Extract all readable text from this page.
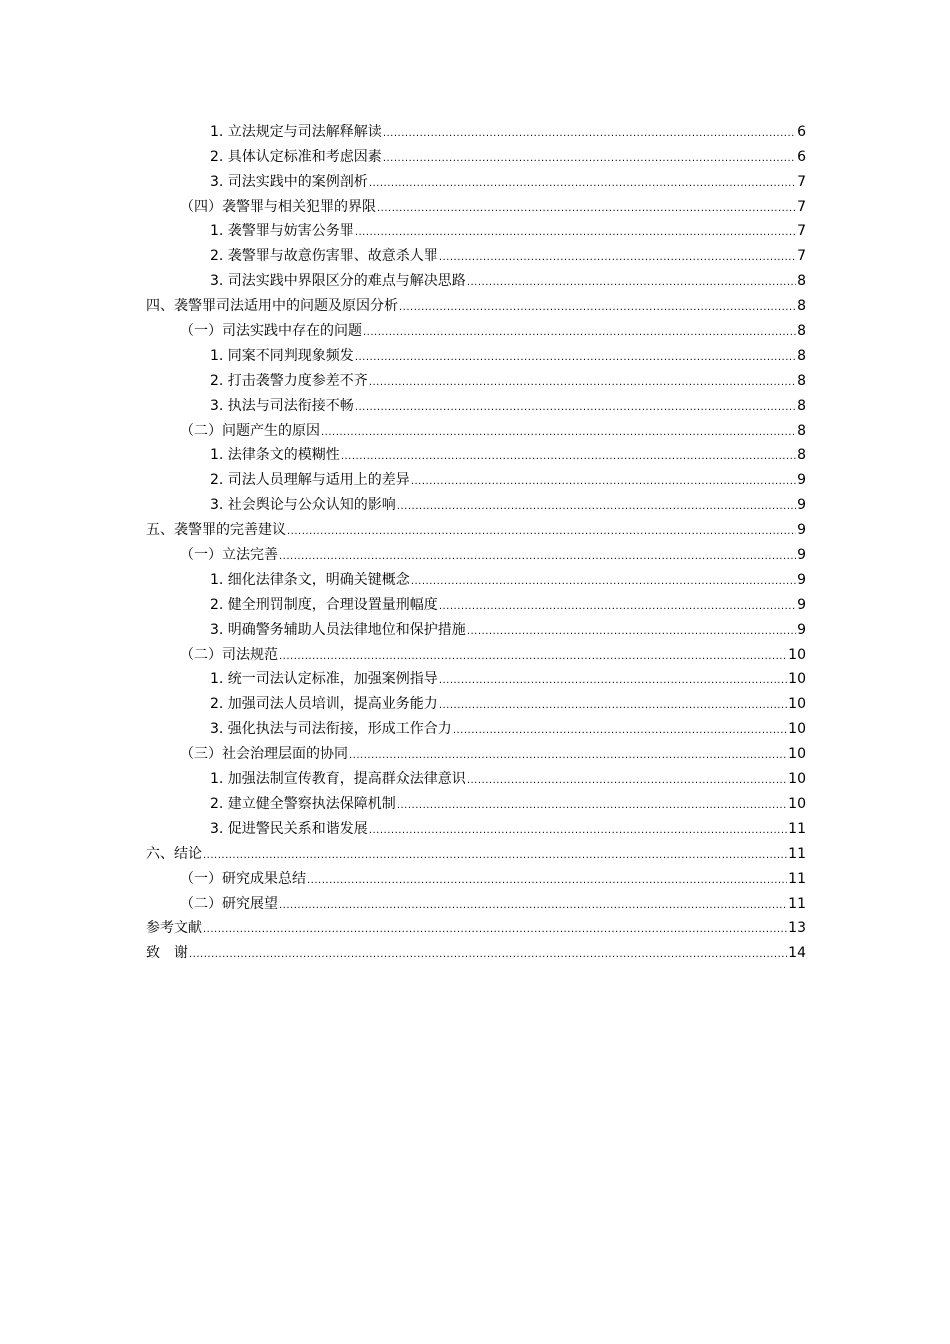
1. 立法规定与司法解释解读 .....	6
2. 具体认定标准和考虑因素 .....	6
3. 司法实践中的案例剖析 .....	7
（四）袭警罪与相关犯罪的界限 .....	7
1. 袭警罪与妨害公务罪 .....	7
2. 袭警罪与故意伤害罪、故意杀人罪 .....	7
3. 司法实践中界限区分的难点与解决思路 .....	8
四、袭警罪司法适用中的问题及原因分析 .....	8
（一）司法实践中存在的问题 .....	8
1. 同案不同判现象频发 .....	8
2. 打击袭警力度参差不齐 .....	8
3. 执法与司法衔接不畅 .....	8
（二）问题产生的原因 .....	8
1. 法律条文的模糊性 .....	8
2. 司法人员理解与适用上的差异 .....	9
3. 社会舆论与公众认知的影响 .....	9
五、袭警罪的完善建议 .....	9
（一）立法完善 .....	9
1. 细化法律条文，明确关键概念 .....	9
2. 健全刑罚制度，合理设置量刑幅度 .....	9
3. 明确警务辅助人员法律地位和保护措施 .....	9
（二）司法规范 .....	10
1. 统一司法认定标准，加强案例指导 .....	10
2. 加强司法人员培训，提高业务能力 .....	10
3. 强化执法与司法衔接，形成工作合力 .....	10
（三）社会治理层面的协同 .....	10
1. 加强法制宣传教育，提高群众法律意识 .....	10
2. 建立健全警察执法保障机制 .....	10
3. 促进警民关系和谐发展 .....	11
六、结论 .....	11
（一）研究成果总结 .....	11
（二）研究展望 .....	11
参考文献 .....	13
致　谢 .....	14
